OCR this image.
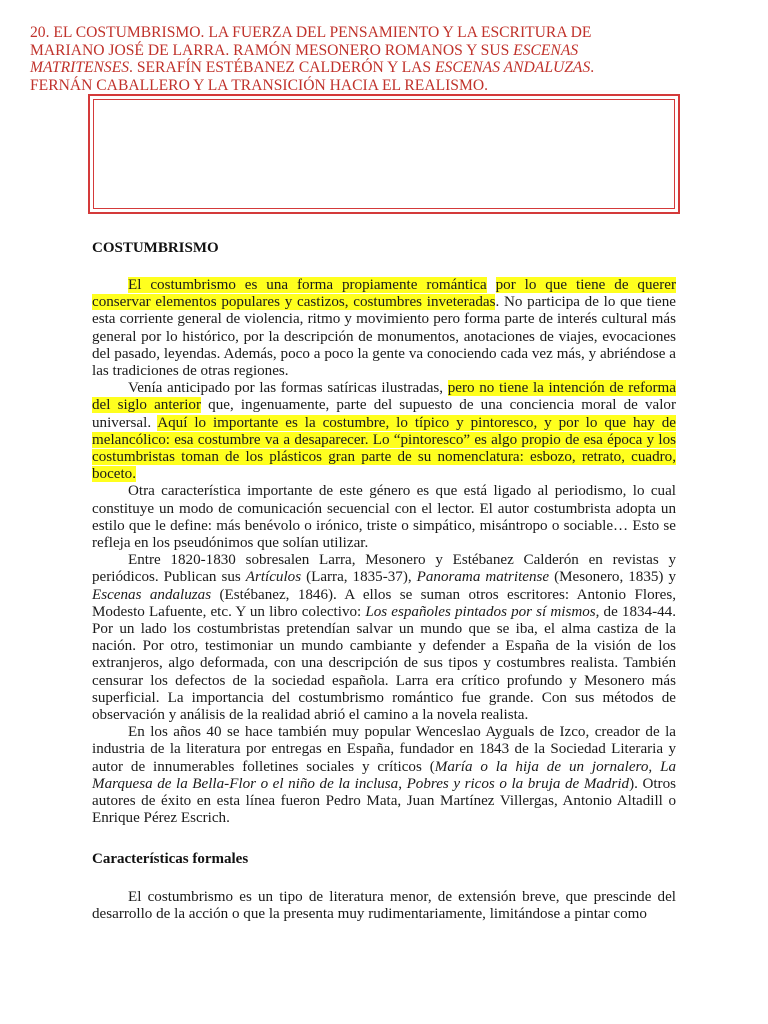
20. EL COSTUMBRISMO. LA FUERZA DEL PENSAMIENTO Y LA ESCRITURA DE
MARIANO JOSÉ DE LARRA. RAMÓN MESONERO ROMANOS Y SUS ESCENAS
MATRITENSES. SERAFÍN ESTÉBANEZ CALDERÓN Y LAS ESCENAS ANDALUZAS.
FERNÁN CABALLERO Y LA TRANSICIÓN HACIA EL REALISMO.
COSTUMBRISMO

El costumbrismo es una forma propiamente romántica por lo que tiene de querer conservar elementos populares y castizos, costumbres inveteradas. No participa de lo que tiene esta corriente general de violencia, ritmo y movimiento pero forma parte de interés cultural más general por lo histórico, por la descripción de monumentos, anotaciones de viajes, evocaciones del pasado, leyendas. Además, poco a poco la gente va conociendo cada vez más, y abriéndose a las tradiciones de otras regiones.

Venía anticipado por las formas satíricas ilustradas, pero no tiene la intención de reforma del siglo anterior que, ingenuamente, parte del supuesto de una conciencia moral de valor universal. Aquí lo importante es la costumbre, lo típico y pintoresco, y por lo que hay de melancólico: esa costumbre va a desaparecer. Lo “pintoresco” es algo propio de esa época y los costumbristas toman de los plásticos gran parte de su nomenclatura: esbozo, retrato, cuadro, boceto.

Otra característica importante de este género es que está ligado al periodismo, lo cual constituye un modo de comunicación secuencial con el lector. El autor costumbrista adopta un estilo que le define: más benévolo o irónico, triste o simpático, misántropo o sociable… Esto se refleja en los pseudónimos que solían utilizar.

Entre 1820-1830 sobresalen Larra, Mesonero y Estébanez Calderón en revistas y periódicos. Publican sus Artículos (Larra, 1835-37), Panorama matritense (Mesonero, 1835) y Escenas andaluzas (Estébanez, 1846). A ellos se suman otros escritores: Antonio Flores, Modesto Lafuente, etc. Y un libro colectivo: Los españoles pintados por sí mismos, de 1834-44. Por un lado los costumbristas pretendían salvar un mundo que se iba, el alma castiza de la nación. Por otro, testimoniar un mundo cambiante y defender a España de la visión de los extranjeros, algo deformada, con una descripción de sus tipos y costumbres realista. También censurar los defectos de la sociedad española. Larra era crítico profundo y Mesonero más superficial. La importancia del costumbrismo romántico fue grande. Con sus métodos de observación y análisis de la realidad abrió el camino a la novela realista.

En los años 40 se hace también muy popular Wenceslao Ayguals de Izco, creador de la industria de la literatura por entregas en España, fundador en 1843 de la Sociedad Literaria y autor de innumerables folletines sociales y críticos (María o la hija de un jornalero, La Marquesa de la Bella-Flor o el niño de la inclusa, Pobres y ricos o la bruja de Madrid). Otros autores de éxito en esta línea fueron Pedro Mata, Juan Martínez Villergas, Antonio Altadill o Enrique Pérez Escrich.

Características formales

El costumbrismo es un tipo de literatura menor, de extensión breve, que prescinde del desarrollo de la acción o que la presenta muy rudimentariamente, limitándose a pintar como
